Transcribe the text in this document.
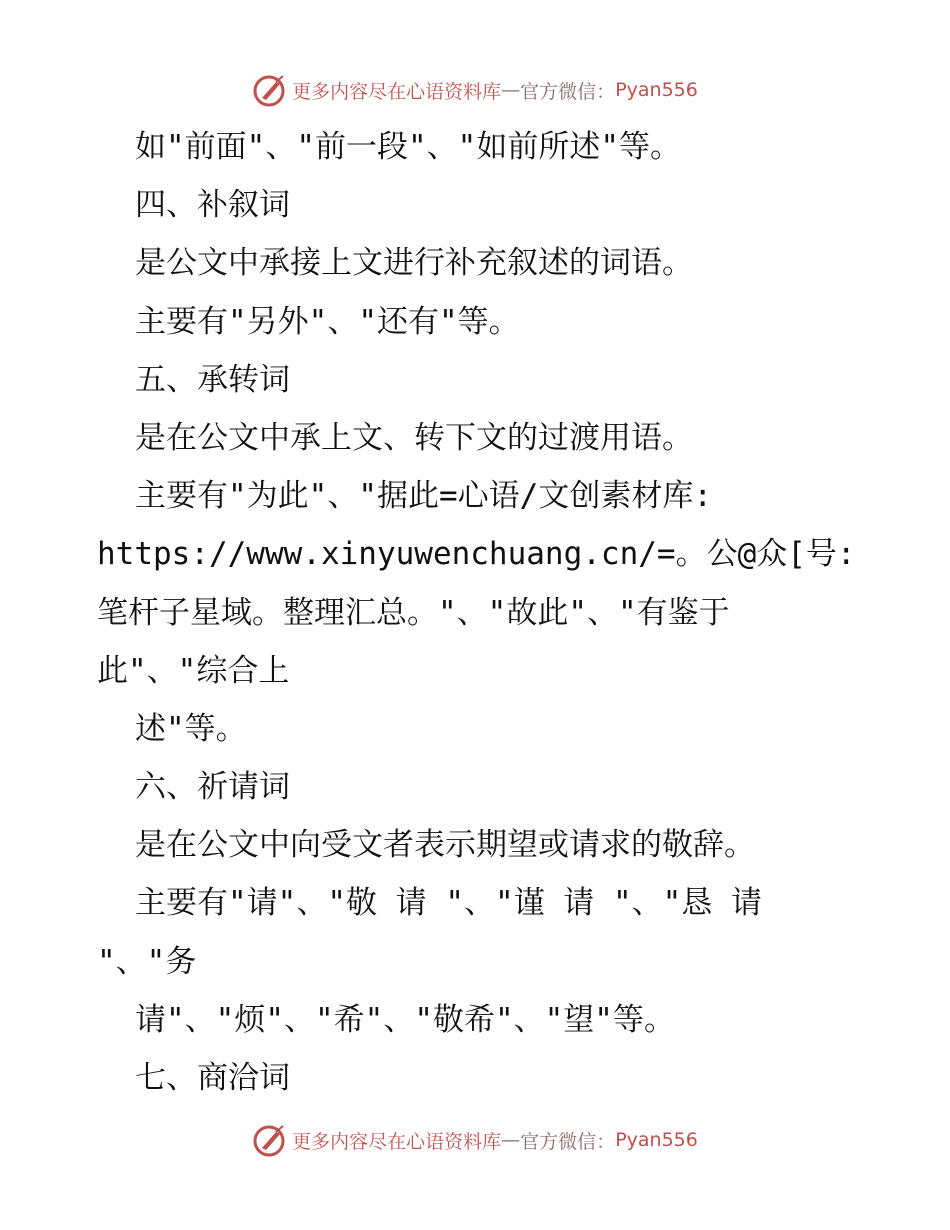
更多内容尽在心语资料库 — 官方微信： Pyan556
如"前面"、"前一段"、"如前所述"等。
四、补叙词
是公文中承接上文进行补充叙述的词语。
主要有"另外"、"还有"等。
五、承转词
是在公文中承上文、转下文的过渡用语。
主要有"为此"、"据此=心语/文创素材库:
https://www.xinyuwenchuang.cn/=。公@众[号:
笔杆子星域。整理汇总。"、"故此"、"有鉴于
此"、"综合上
述"等。
六、祈请词
是在公文中向受文者表示期望或请求的敬辞。
主要有"请"、"敬 请 "、"谨 请 "、"恳 请
"、"务
请"、"烦"、"希"、"敬希"、"望"等。
七、商洽词
更多内容尽在心语资料库 — 官方微信： Pyan556
